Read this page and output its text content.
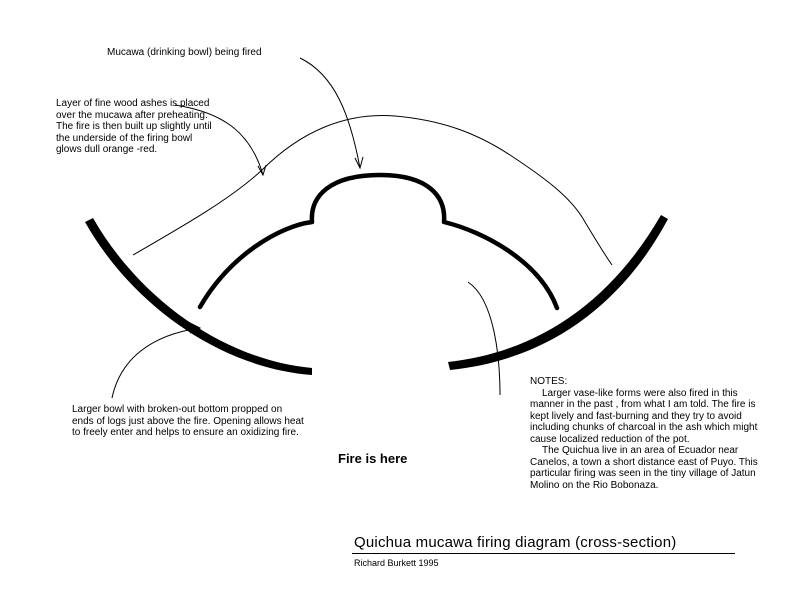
Mucawa (drinking bowl) being fired

Layer of fine wood ashes is placed over the mucawa after preheating. The fire is then built up slightly until the underside of the firing bowl glows dull orange -red.

Larger bowl with broken-out bottom propped on ends of logs just above the fire. Opening allows heat to freely enter and helps to ensure an oxidizing fire.

NOTES:

Larger vase-like forms were also fired in this manner in the past , from what I am told. The fire is kept lively and fast-burning and they try to avoid including chunks of charcoal in the ash which might cause localized reduction of the pot.

The Quichua live in an area of Ecuador near Canelos, a town a short distance east of Puyo. This particular firing was seen in the tiny village of Jatun Molino on the Rio Bobonaza.

Fire is here
Quichua mucawa firing diagram (cross-section)
Richard Burkett 1995
